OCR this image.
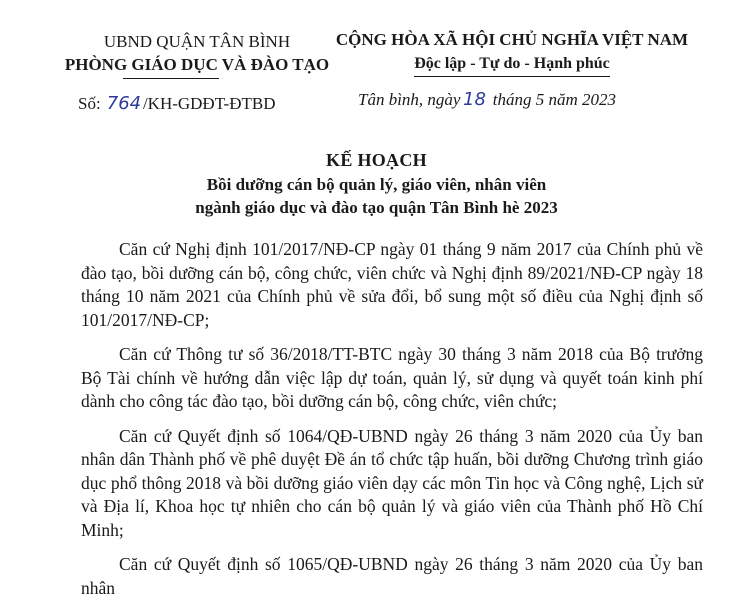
UBND QUẬN TÂN BÌNH
PHÒNG GIÁO DỤC VÀ ĐÀO TẠO
CỘNG HÒA XÃ HỘI CHỦ NGHĨA VIỆT NAM
Độc lập - Tự do - Hạnh phúc
Số: 764 /KH-GDĐT-ĐTBD	Tân bình, ngày 18 tháng 5 năm 2023
KẾ HOẠCH
Bồi dưỡng cán bộ quản lý, giáo viên, nhân viên
ngành giáo dục và đào tạo quận Tân Bình hè 2023

Căn cứ Nghị định 101/2017/NĐ-CP ngày 01 tháng 9 năm 2017 của Chính phủ về đào tạo, bồi dưỡng cán bộ, công chức, viên chức và Nghị định 89/2021/NĐ-CP ngày 18 tháng 10 năm 2021 của Chính phủ về sửa đổi, bổ sung một số điều của Nghị định số 101/2017/NĐ-CP;

Căn cứ Thông tư số 36/2018/TT-BTC ngày 30 tháng 3 năm 2018 của Bộ trưởng Bộ Tài chính về hướng dẫn việc lập dự toán, quản lý, sử dụng và quyết toán kinh phí dành cho công tác đào tạo, bồi dưỡng cán bộ, công chức, viên chức;

Căn cứ Quyết định số 1064/QĐ-UBND ngày 26 tháng 3 năm 2020 của Ủy ban nhân dân Thành phố về phê duyệt Đề án tổ chức tập huấn, bồi dưỡng Chương trình giáo dục phổ thông 2018 và bồi dưỡng giáo viên dạy các môn Tin học và Công nghệ, Lịch sử và Địa lí, Khoa học tự nhiên cho cán bộ quản lý và giáo viên của Thành phố Hồ Chí Minh;

Căn cứ Quyết định số 1065/QĐ-UBND ngày 26 tháng 3 năm 2020 của Ủy ban nhân
